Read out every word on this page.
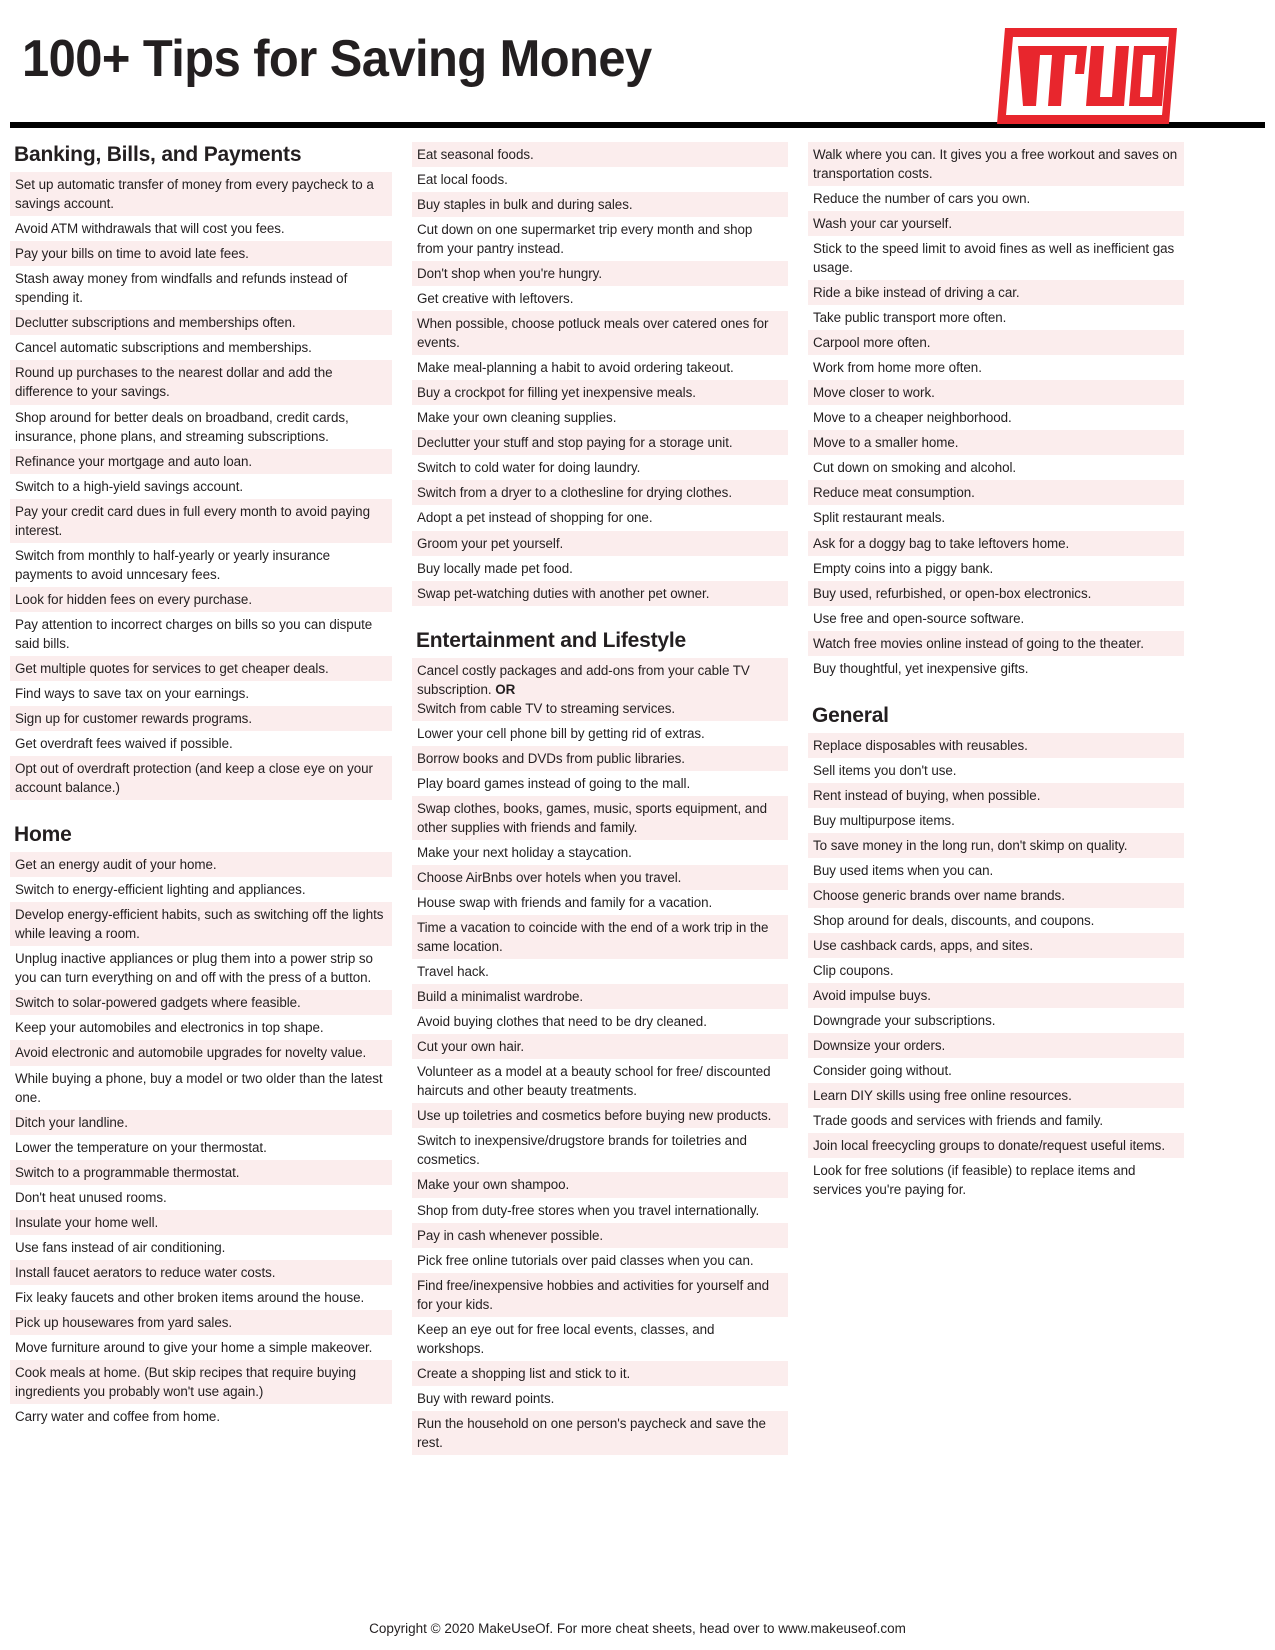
100+ Tips for Saving Money
Banking, Bills, and Payments
Set up automatic transfer of money from every paycheck to a savings account.
Avoid ATM withdrawals that will cost you fees.
Pay your bills on time to avoid late fees.
Stash away money from windfalls and refunds instead of spending it.
Declutter subscriptions and memberships often.
Cancel automatic subscriptions and memberships.
Round up purchases to the nearest dollar and add the difference to your savings.
Shop around for better deals on broadband, credit cards, insurance, phone plans, and streaming subscriptions.
Refinance your mortgage and auto loan.
Switch to a high-yield savings account.
Pay your credit card dues in full every month to avoid paying interest.
Switch from monthly to half-yearly or yearly insurance payments to avoid unncesary fees.
Look for hidden fees on every purchase.
Pay attention to incorrect charges on bills so you can dispute said bills.
Get multiple quotes for services to get cheaper deals.
Find ways to save tax on your earnings.
Sign up for customer rewards programs.
Get overdraft fees waived if possible.
Opt out of overdraft protection (and keep a close eye on your account balance.)
Home
Get an energy audit of your home.
Switch to energy-efficient lighting and appliances.
Develop energy-efficient habits, such as switching off the lights while leaving a room.
Unplug inactive appliances or plug them into a power strip so you can turn everything on and off with the press of a button.
Switch to solar-powered gadgets where feasible.
Keep your automobiles and electronics in top shape.
Avoid electronic and automobile upgrades for novelty value.
While buying a phone, buy a model or two older than the latest one.
Ditch your landline.
Lower the temperature on your thermostat.
Switch to a programmable thermostat.
Don't heat unused rooms.
Insulate your home well.
Use fans instead of air conditioning.
Install faucet aerators to reduce water costs.
Fix leaky faucets and other broken items around the house.
Pick up housewares from yard sales.
Move furniture around to give your home a simple makeover.
Cook meals at home. (But skip recipes that require buying ingredients you probably won't use again.)
Carry water and coffee from home.
Eat seasonal foods.
Eat local foods.
Buy staples in bulk and during sales.
Cut down on one supermarket trip every month and shop from your pantry instead.
Don't shop when you're hungry.
Get creative with leftovers.
When possible, choose potluck meals over catered ones for events.
Make meal-planning a habit to avoid ordering takeout.
Buy a crockpot for filling yet inexpensive meals.
Make your own cleaning supplies.
Declutter your stuff and stop paying for a storage unit.
Switch to cold water for doing laundry.
Switch from a dryer to a clothesline for drying clothes.
Adopt a pet instead of shopping for one.
Groom your pet yourself.
Buy locally made pet food.
Swap pet-watching duties with another pet owner.
Entertainment and Lifestyle
Cancel costly packages and add-ons from your cable TV subscription. OR
Switch from cable TV to streaming services.
Lower your cell phone bill by getting rid of extras.
Borrow books and DVDs from public libraries.
Play board games instead of going to the mall.
Swap clothes, books, games, music, sports equipment, and other supplies with friends and family.
Make your next holiday a staycation.
Choose AirBnbs over hotels when you travel.
House swap with friends and family for a vacation.
Time a vacation to coincide with the end of a work trip in the same location.
Travel hack.
Build a minimalist wardrobe.
Avoid buying clothes that need to be dry cleaned.
Cut your own hair.
Volunteer as a model at a beauty school for free/ discounted haircuts and other beauty treatments.
Use up toiletries and cosmetics before buying new products.
Switch to inexpensive/drugstore brands for toiletries and cosmetics.
Make your own shampoo.
Shop from duty-free stores when you travel internationally.
Pay in cash whenever possible.
Pick free online tutorials over paid classes when you can.
Find free/inexpensive hobbies and activities for yourself and for your kids.
Keep an eye out for free local events, classes, and workshops.
Create a shopping list and stick to it.
Buy with reward points.
Run the household on one person's paycheck and save the rest.
Walk where you can. It gives you a free workout and saves on transportation costs.
Reduce the number of cars you own.
Wash your car yourself.
Stick to the speed limit to avoid fines as well as inefficient gas usage.
Ride a bike instead of driving a car.
Take public transport more often.
Carpool more often.
Work from home more often.
Move closer to work.
Move to a cheaper neighborhood.
Move to a smaller home.
Cut down on smoking and alcohol.
Reduce meat consumption.
Split restaurant meals.
Ask for a doggy bag to take leftovers home.
Empty coins into a piggy bank.
Buy used, refurbished, or open-box electronics.
Use free and open-source software.
Watch free movies online instead of going to the theater.
Buy thoughtful, yet inexpensive gifts.
General
Replace disposables with reusables.
Sell items you don't use.
Rent instead of buying, when possible.
Buy multipurpose items.
To save money in the long run, don't skimp on quality.
Buy used items when you can.
Choose generic brands over name brands.
Shop around for deals, discounts, and coupons.
Use cashback cards, apps, and sites.
Clip coupons.
Avoid impulse buys.
Downgrade your subscriptions.
Downsize your orders.
Consider going without.
Learn DIY skills using free online resources.
Trade goods and services with friends and family.
Join local freecycling groups to donate/request useful items.
Look for free solutions (if feasible) to replace items and services you're paying for.
Copyright © 2020 MakeUseOf. For more cheat sheets, head over to www.makeuseof.com
